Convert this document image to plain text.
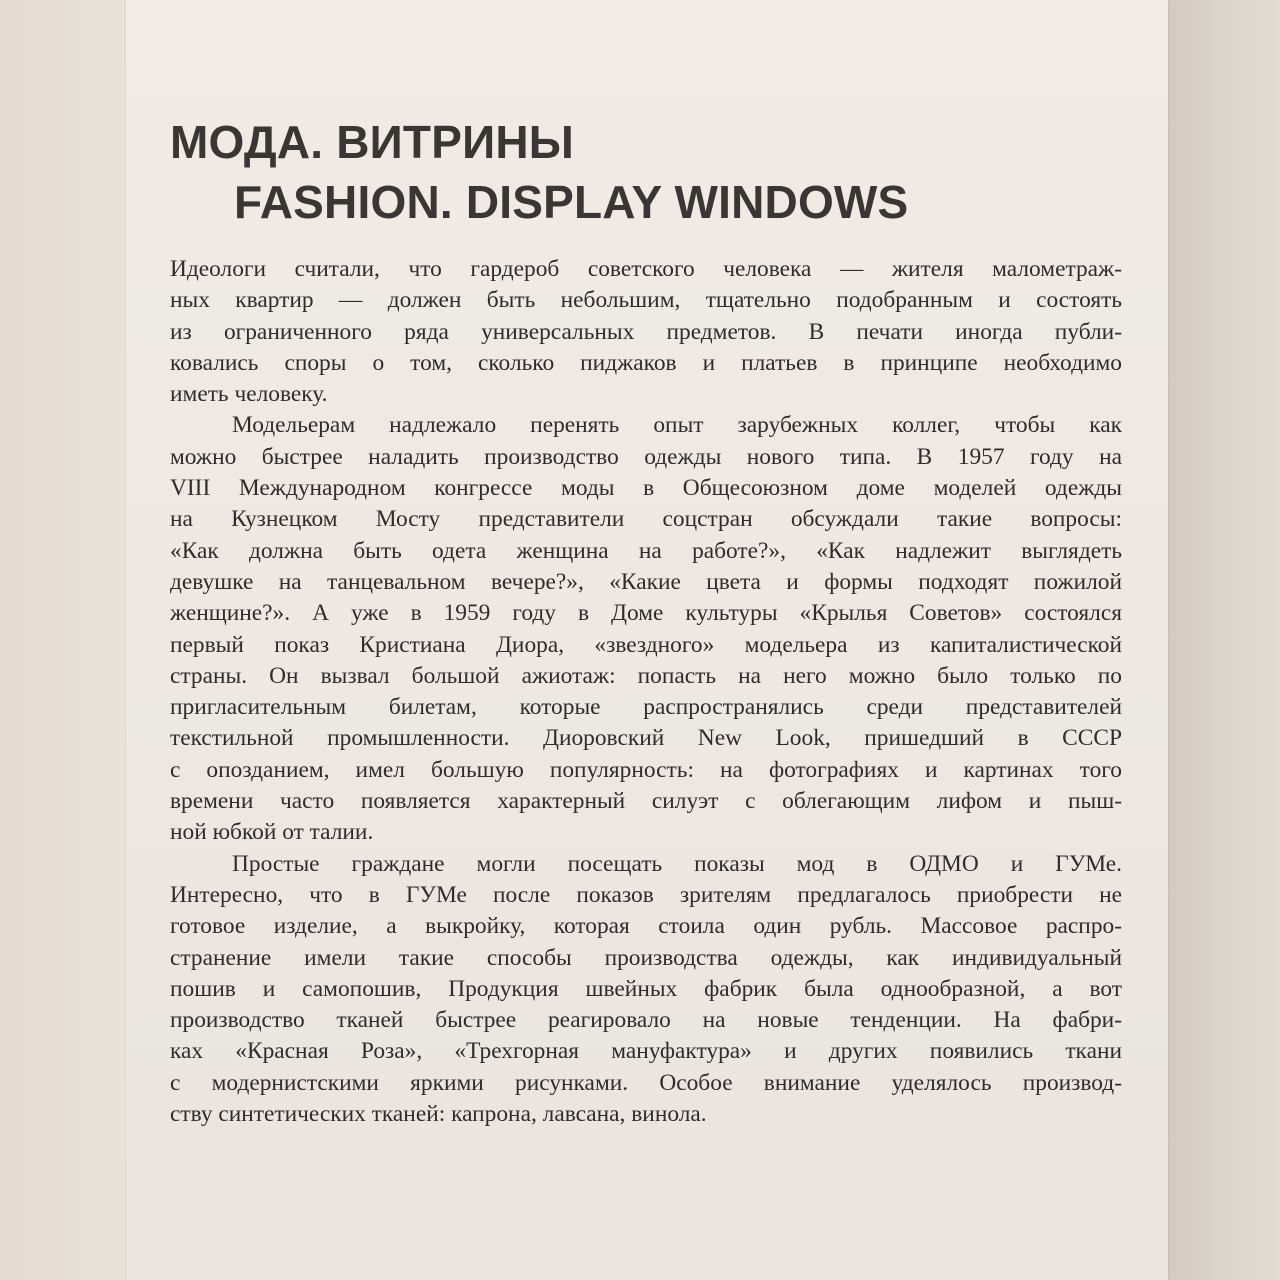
МОДА. ВИТРИНЫ
FASHION. DISPLAY WINDOWS
Идеологи считали, что гардероб советского человека — жителя малометраж-
ных квартир — должен быть небольшим, тщательно подобранным и состоять
из ограниченного ряда универсальных предметов. В печати иногда публи-
ковались споры о том, сколько пиджаков и платьев в принципе необходимо
иметь человеку.
Модельерам надлежало перенять опыт зарубежных коллег, чтобы как
можно быстрее наладить производство одежды нового типа. В 1957 году на
VIII Международном конгрессе моды в Общесоюзном доме моделей одежды
на Кузнецком Мосту представители соцстран обсуждали такие вопросы:
«Как должна быть одета женщина на работе?», «Как надлежит выглядеть
девушке на танцевальном вечере?», «Какие цвета и формы подходят пожилой
женщине?». А уже в 1959 году в Доме культуры «Крылья Советов» состоялся
первый показ Кристиана Диора, «звездного» модельера из капиталистической
страны. Он вызвал большой ажиотаж: попасть на него можно было только по
пригласительным билетам, которые распространялись среди представителей
текстильной промышленности. Диоровский New Look, пришедший в СССР
с опозданием, имел большую популярность: на фотографиях и картинах того
времени часто появляется характерный силуэт с облегающим лифом и пыш-
ной юбкой от талии.
Простые граждане могли посещать показы мод в ОДМО и ГУМе.
Интересно, что в ГУМе после показов зрителям предлагалось приобрести не
готовое изделие, а выкройку, которая стоила один рубль. Массовое распро-
странение имели такие способы производства одежды, как индивидуальный
пошив и самопошив, Продукция швейных фабрик была однообразной, а вот
производство тканей быстрее реагировало на новые тенденции. На фабри-
ках «Красная Роза», «Трехгорная мануфактура» и других появились ткани
с модернистскими яркими рисунками. Особое внимание уделялось производ-
ству синтетических тканей: капрона, лавсана, винола.
